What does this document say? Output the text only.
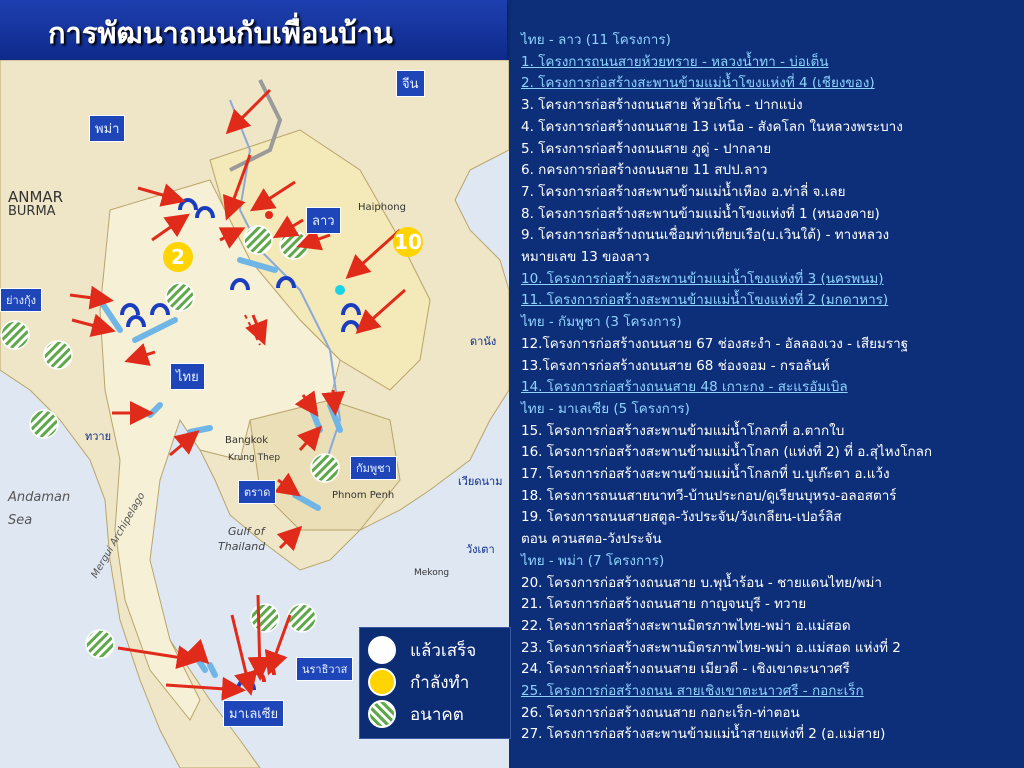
การพัฒนาถนนกับเพื่อนบ้าน
ANMAR
BURMA	Haiphong
Bangkok
Gulf of
Thailand
Andaman
Sea
Phnom Penh
Mergui Archipelago
Krung Thep
Mekong
จีน
พม่า
ลาว
ไทย
กัมพูชา
มาเลเซีย
ย่างกุ้ง
ตราด
นราธิวาส
ดานัง
ทวาย
เวียดนาม
วังเตา
2
10
ไทย - ลาว (11 โครงการ)
1. โครงการถนนสายห้วยทราย - หลวงน้ำทา - บ่อเต็น
2. โครงการก่อสร้างสะพานข้ามแม่น้ำโขงแห่งที่ 4 (เชียงของ)
3. โครงการก่อสร้างถนนสาย ห้วยโก๋น - ปากแบ่ง
4. โครงการก่อสร้างถนนสาย 13 เหนือ - สังคโลก ในหลวงพระบาง
5. โครงการก่อสร้างถนนสาย ภูดู่ - ปากลาย
6. กครงการก่อสร้างถนนสาย 11 สปป.ลาว
7. โครงการก่อสร้างสะพานข้ามแม่น้ำเหือง อ.ท่าลี่ จ.เลย
8. โครงการก่อสร้างสะพานข้ามแม่น้ำโขงแห่งที่ 1 (หนองคาย)
9. โครงการก่อสร้างถนนเชื่อมท่าเทียบเรือ(บ.เวินใต้) - ทางหลวง
หมายเลข 13 ของลาว
10. โครงการก่อสร้างสะพานข้ามแม่น้ำโขงแห่งที่ 3 (นครพนม)
11. โครงการก่อสร้างสะพานข้ามแม่น้ำโขงแห่งที่ 2 (มกดาหาร)
ไทย - กัมพูชา (3 โครงการ)
12.โครงการก่อสร้างถนนสาย 67 ช่องสะงำ - อัลลองเวง - เสียมราฐ
13.โครงการก่อสร้างถนนสาย 68 ช่องจอม - กรอลันห์
14. โครงการก่อสร้างถนนสาย 48 เกาะกง - สะแรอัมเบิล
ไทย - มาเลเซีย (5 โครงการ)
15. โครงการก่อสร้างสะพานข้ามแม่น้ำโกลกที่ อ.ตากใบ
16. โครงการก่อสร้างสะพานข้ามแม่น้ำโกลก (แห่งที่ 2) ที่ อ.สุไหงโกลก
17. โครงการก่อสร้างสะพานข้ามแม่น้ำโกลกที่ บ.บูเก๊ะตา อ.แว้ง
18. โครงการถนนสายนาทวี-บ้านประกอบ/ดูเรียนบุหรง-อลอสตาร์
19. โครงการถนนสายสตูล-วังประจัน/วังเกลียน-เปอร์ลิส
ตอน ควนสตอ-วังประจัน
ไทย - พม่า (7 โครงการ)
20. โครงการก่อสร้างถนนสาย บ.พุน้ำร้อน - ชายแดนไทย/พม่า
21. โครงการก่อสร้างถนนสาย กาญจนบุรี - ทวาย
22. โครงการก่อสร้างสะพานมิตรภาพไทย-พม่า อ.แม่สอด
23. โครงการก่อสร้างสะพานมิตรภาพไทย-พม่า อ.แม่สอด แห่งที่ 2
24. โครงการก่อสร้างถนนสาย เมียวดี - เชิงเขาตะนาวศรี
25. โครงการก่อสร้างถนน สายเชิงเขาตะนาวศรี - กอกะเร็ก
26. โครงการก่อสร้างถนนสาย กอกะเร็ก-ท่าตอน
27. โครงการก่อสร้างสะพานข้ามแม่น้ำสายแห่งที่ 2 (อ.แม่สาย)
แล้วเสร็จ
กำลังทำ
อนาคต
